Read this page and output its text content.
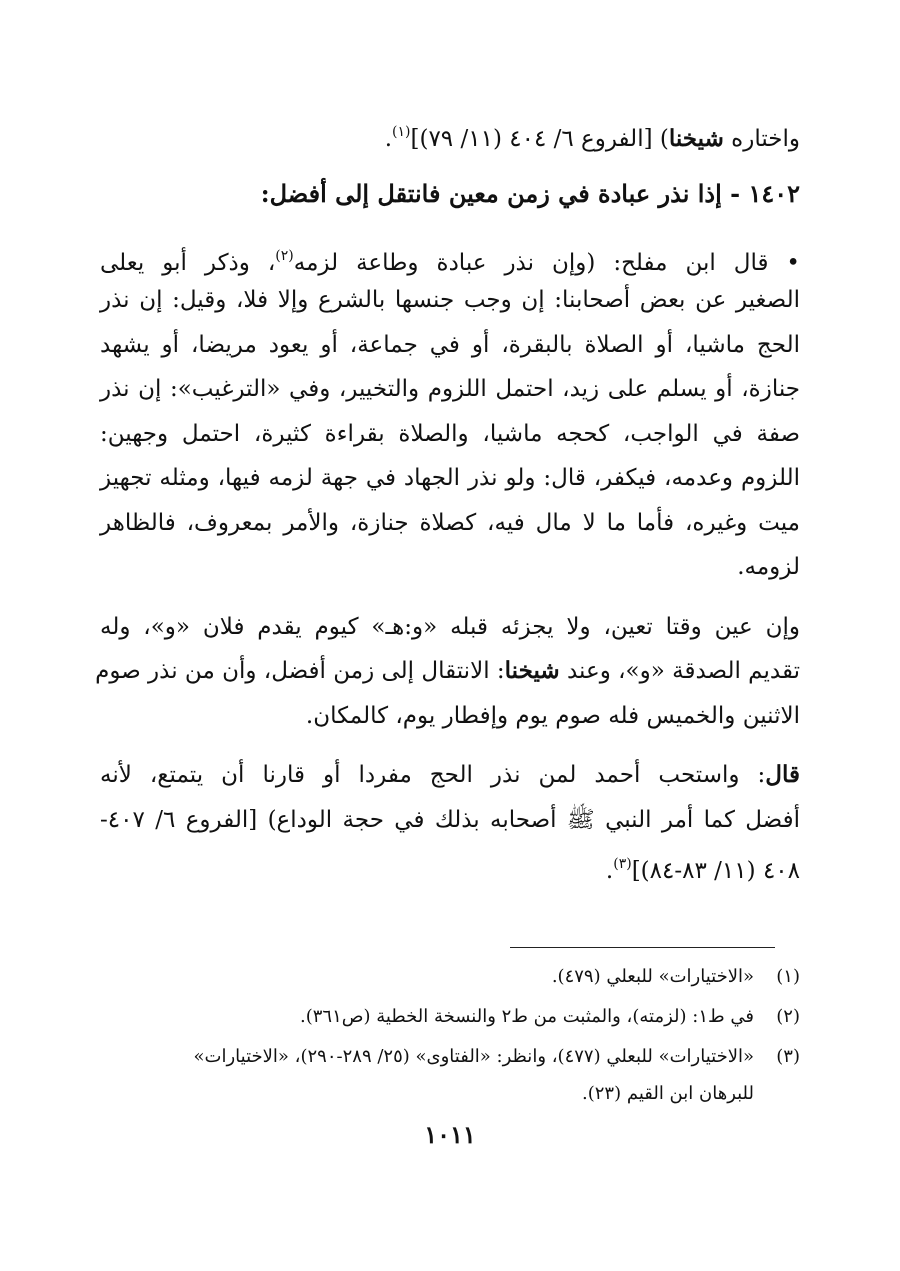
واختاره شيخنا) [الفروع ٦/ ٤٠٤ (١١/ ٧٩)]$^{(١)}$.
١٤٠٢ - إذا نذر عبادة في زمن معين فانتقل إلى أفضل:
• قال ابن مفلح: (وإن نذر عبادة وطاعة لزمه$^{(٢)}$، وذكر أبو يعلى
الصغير عن بعض أصحابنا: إن وجب جنسها بالشرع وإلا فلا، وقيل: إن نذر
الحج ماشيا، أو الصلاة بالبقرة، أو في جماعة، أو يعود مريضا، أو يشهد
جنازة، أو يسلم على زيد، احتمل اللزوم والتخيير، وفي «الترغيب»: إن نذر
صفة في الواجب، كحجه ماشيا، والصلاة بقراءة كثيرة، احتمل وجهين:
اللزوم وعدمه، فيكفر، قال: ولو نذر الجهاد في جهة لزمه فيها، ومثله تجهيز
ميت وغيره، فأما ما لا مال فيه، كصلاة جنازة، والأمر بمعروف، فالظاهر
لزومه.
وإن عين وقتا تعين، ولا يجزئه قبله «و:هـ» كيوم يقدم فلان «و»، وله
تقديم الصدقة «و»، وعند شيخنا: الانتقال إلى زمن أفضل، وأن من نذر صوم
الاثنين والخميس فله صوم يوم وإفطار يوم، كالمكان.
قال: واستحب أحمد لمن نذر الحج مفردا أو قارنا أن يتمتع، لأنه
أفضل كما أمر النبي ﷺ أصحابه بذلك في حجة الوداع) [الفروع ٦/ ٤٠٧-
٤٠٨ (١١/ ٨٣-٨٤)]$^{(٣)}$.
(١)«الاختيارات» للبعلي (٤٧٩).
(٢)في ط١: (لزمته)، والمثبت من ط٢ والنسخة الخطية (ص٣٦١).
(٣)«الاختيارات» للبعلي (٤٧٧)، وانظر: «الفتاوى» (٢٥/ ٢٨٩-٢٩٠)، «الاختيارات»
للبرهان ابن القيم (٢٣).
١٠١١
